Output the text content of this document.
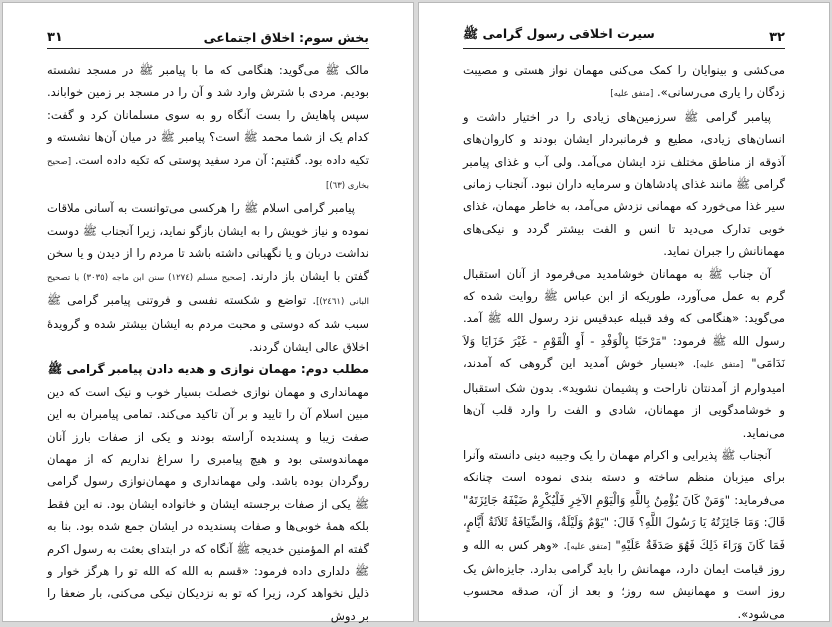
۳۱	بخش سوم: اخلاق اجتماعی

مالک ﷺ می‌گوید: هنگامی که ما با پیامبر ﷺ در مسجد نشسته بودیم. مردی با شترش وارد شد و آن را در مسجد بر زمین خواباند. سپس پاهایش را بست آنگاه رو به سوی مسلمانان کرد و گفت: کدام یک از شما محمد ﷺ است؟ پیامبر ﷺ در میان آن‌ها نشسته و تکیه داده بود. گفتیم: آن مرد سفید پوستی که تکیه داده است. [صحیح بخاری (٦٣)]

پیامبر گرامی اسلام ﷺ را هرکسی می‌توانست به آسانی ملاقات نموده و نیاز خویش را به ایشان بازگو نماید، زیرا آنجناب ﷺ دوست نداشت دربان و یا نگهبانی داشته باشد تا مردم را از دیدن و یا سخن گفتن با ایشان باز دارند. [صحیح مسلم (١٢٧٤) سنن ابن ماجه (٣٠٣٥) با تصحیح البانی (٢٤٦١)]. تواضع و شکسته نفسی و فروتنی پیامبر گرامی ﷺ سبب شد که دوستی و محبت مردم به ایشان بیشتر شده و گرویدهٔ اخلاق عالی ایشان گردند.

مطلب دوم: مهمان نوازی و هدیه دادن پیامبر گرامی ﷺ

مهمانداری و مهمان نوازی خصلت بسیار خوب و نیک است که دین مبین اسلام آن را تایید و بر آن تاکید می‌کند. تمامی پیامبران به این صفت زیبا و پسندیده آراسته بودند و یکی از صفات بارز آنان مهماندوستی بود و هیچ پیامبری را سراغ نداریم که از مهمان روگردان بوده باشد. ولی مهمانداری و مهمان‌نوازی رسول گرامی ﷺ یکی از صفات برجسته ایشان و خانواده ایشان بود. نه این فقط بلکه همهٔ خوبی‌ها و صفات پسندیده در ایشان جمع شده بود. بنا به گفته ام المؤمنین خدیجه ﷺ آنگاه که در ابتدای بعثت به رسول اکرم ﷺ دلداری داده فرمود: «قسم به الله که الله تو را هرگز خوار و ذلیل نخواهد کرد، زیرا که تو به نزدیکان نیکی می‌کنی، بار ضعفا را بر دوش

سیرت اخلاقی رسول گرامی ﷺ	۳۲

می‌کشی و بینوایان را کمک می‌کنی مهمان نواز هستی و مصیبت زدگان را یاری می‌رسانی». [متفق علیه]

پیامبر گرامی ﷺ سرزمین‌های زیادی را در اختیار داشت و انسان‌های زیادی، مطیع و فرمانبردار ایشان بودند و کاروان‌های آذوقه از مناطق مختلف نزد ایشان می‌آمد. ولی آب و غذای پیامبر گرامی ﷺ مانند غذای پادشاهان و سرمایه داران نبود. آنجناب زمانی سیر غذا می‌خورد که مهمانی نزدش می‌آمد، به خاطر مهمان، غذای خوبی تدارک می‌دید تا انس و الفت بیشتر گردد و نیکی‌های مهمانانش را جبران نماید.

آن جناب ﷺ به مهمانان خوشامدید می‌فرمود از آنان استقبال گرم به عمل می‌آورد، طوریکه از ابن عباس ﷺ روایت شده که می‌گوید: «هنگامی که وفد قبیله عبدقیس نزد رسول الله ﷺ آمد. رسول الله ﷺ فرمود: "مَرْحَبًا بِالْوَفْدِ - أَوِ الْقَوْمِ - غَيْرَ خَزَايَا وَلاَ نَدَامَى" [متفق علیه]. «بسیار خوش آمدید این گروهی که آمدند، امیدوارم از آمدنتان ناراحت و پشیمان نشوید». بدون شک استقبال و خوشامدگویی از مهمانان، شادی و الفت را وارد قلب آن‌ها می‌نماید.

آنجناب ﷺ پذیرایی و اکرام مهمان را یک وجیبه دینی دانسته وآنرا برای میزبان منظم ساخته و دسته بندی نموده است چنانکه می‌فرماید: "وَمَنْ كَانَ يُؤْمِنُ بِاللَّهِ وَالْيَوْمِ الآخِرِ فَلْيُكْرِمْ ضَيْفَهُ جَائِزَتَهُ" قَالَ: وَمَا جَائِزَتُهُ يَا رَسُولَ اللَّهِ؟ قَالَ: "يَوْمٌ وَلَيْلَةٌ، وَالضِّيَافَةُ ثَلاَثَةُ أَيَّامٍ، فَمَا كَانَ وَرَاءَ ذَلِكَ فَهُوَ صَدَقَةٌ عَلَيْهِ" [متفق علیه]. «وهر کس به الله و روز قیامت ایمان دارد، مهمانش را باید گرامی بدارد. جایزه‌اش یک روز است و مهمانیش سه روز؛ و بعد از آن، صدقه محسوب می‌شود».
